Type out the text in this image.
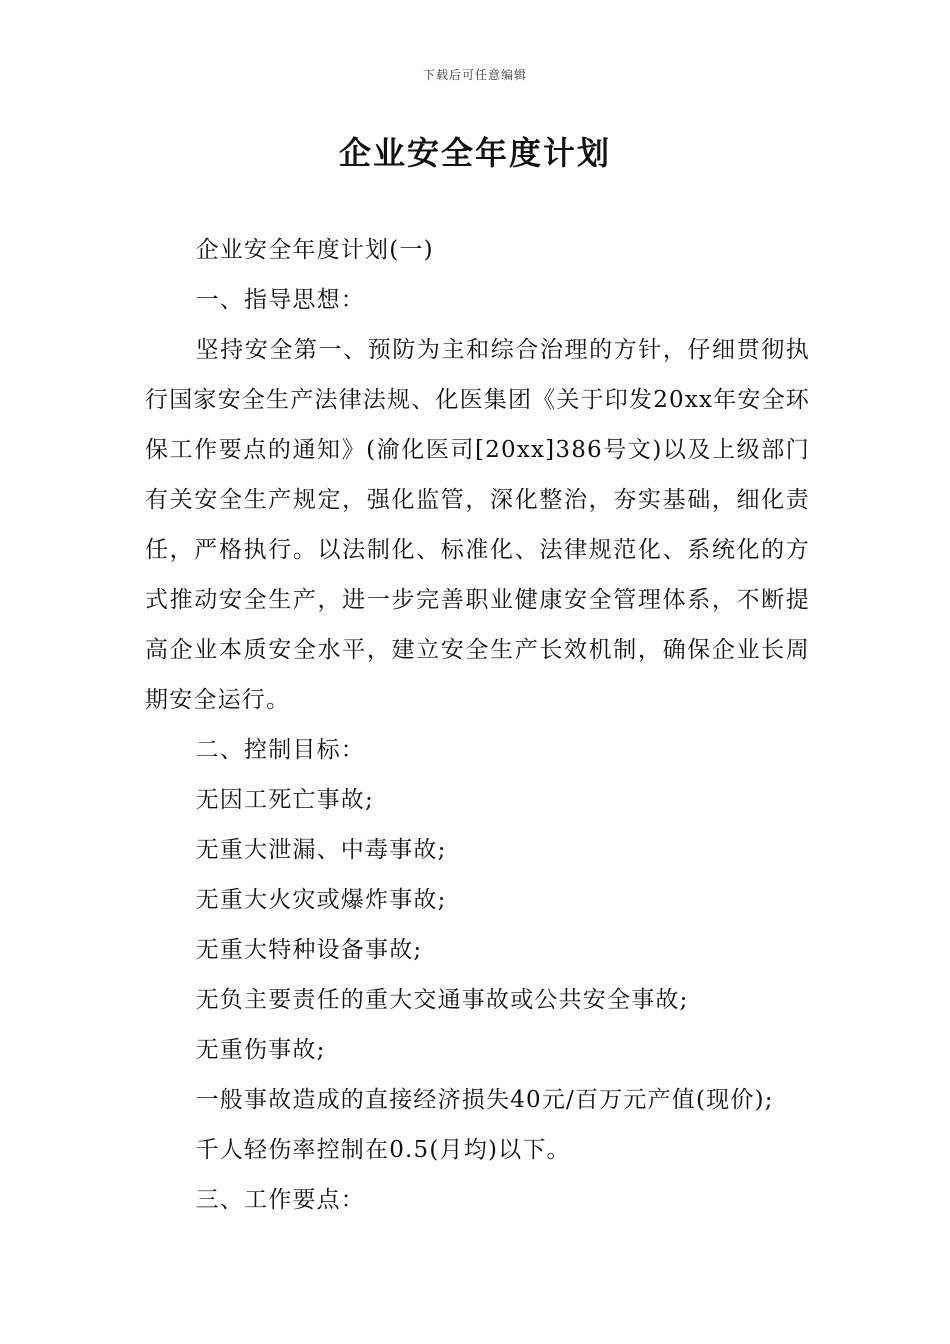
下载后可任意编辑
企业安全年度计划

企业安全年度计划(一)

一、指导思想：

坚持安全第一、预防为主和综合治理的方针，仔细贯彻执行国家安全生产法律法规、化医集团《关于印发20xx年安全环保工作要点的通知》(渝化医司[20xx]386号文)以及上级部门有关安全生产规定，强化监管，深化整治，夯实基础，细化责任，严格执行。以法制化、标准化、法律规范化、系统化的方式推动安全生产，进一步完善职业健康安全管理体系，不断提高企业本质安全水平，建立安全生产长效机制，确保企业长周期安全运行。

二、控制目标：

无因工死亡事故;

无重大泄漏、中毒事故;

无重大火灾或爆炸事故;

无重大特种设备事故;

无负主要责任的重大交通事故或公共安全事故;

无重伤事故;

一般事故造成的直接经济损失40元/百万元产值(现价);

千人轻伤率控制在0.5(月均)以下。

三、工作要点：
